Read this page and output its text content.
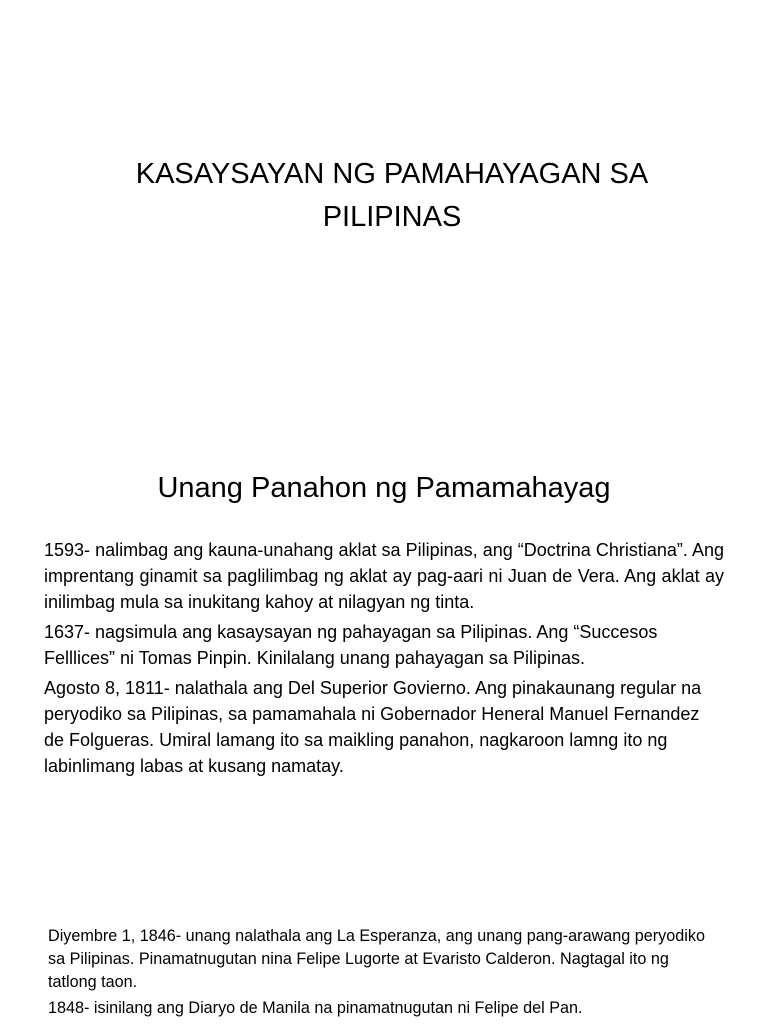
KASAYSAYAN NG PAMAHAYAGAN SA
PILIPINAS
Unang Panahon ng Pamamahayag

1593- nalimbag ang kauna-unahang aklat sa Pilipinas, ang “Doctrina Christiana”. Ang imprentang ginamit sa paglilimbag ng aklat ay pag-aari ni Juan de Vera. Ang aklat ay inilimbag mula sa inukitang kahoy at nilagyan ng tinta.

1637- nagsimula ang kasaysayan ng pahayagan sa Pilipinas. Ang “Succesos Felllices” ni Tomas Pinpin. Kinilalang unang pahayagan sa Pilipinas.

Agosto 8, 1811- nalathala ang Del Superior Govierno. Ang pinakaunang regular na peryodiko sa Pilipinas, sa pamamahala ni Gobernador Heneral Manuel Fernandez de Folgueras. Umiral lamang ito sa maikling panahon, nagkaroon lamng ito ng labinlimang labas at kusang namatay.

Diyembre 1, 1846- unang nalathala ang La Esperanza, ang unang pang-arawang peryodiko sa Pilipinas. Pinamatnugutan nina Felipe Lugorte at Evaristo Calderon. Nagtagal ito ng tatlong taon.

1848- isinilang ang Diaryo de Manila na pinamatnugutan ni Felipe del Pan.
